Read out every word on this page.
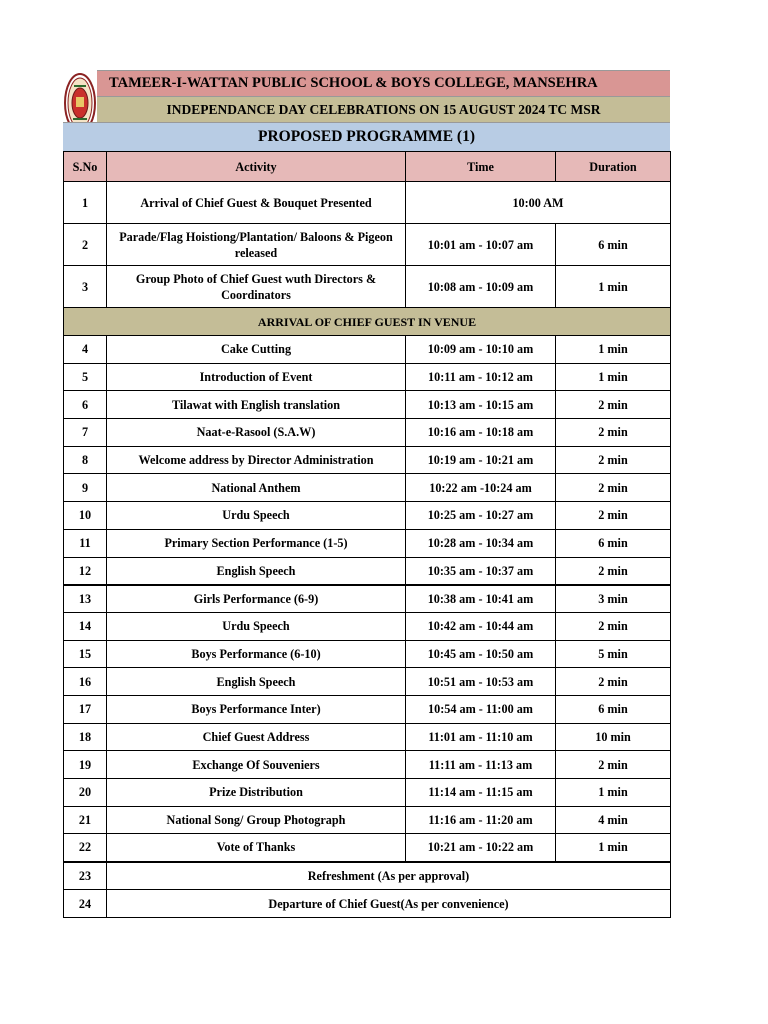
TAMEER-I-WATTAN PUBLIC SCHOOL & BOYS COLLEGE, MANSEHRA
INDEPENDANCE DAY CELEBRATIONS ON 15 AUGUST 2024 TC MSR
PROPOSED PROGRAMME (1)
S.No	Activity	Time	Duration
1	Arrival of Chief Guest & Bouquet Presented	10:00 AM	
2	Parade/Flag Hoistiong/Plantation/ Baloons & Pigeon released	10:01 am - 10:07 am	6 min
3	Group Photo of Chief Guest wuth Directors & Coordinators	10:08 am - 10:09 am	1 min
ARRIVAL OF CHIEF GUEST IN VENUE			
4	Cake Cutting	10:09 am - 10:10 am	1 min
5	Introduction of Event	10:11 am - 10:12 am	1 min
6	Tilawat with English translation	10:13 am - 10:15 am	2 min
7	Naat-e-Rasool (S.A.W)	10:16 am - 10:18 am	2 min
8	Welcome address by Director Administration	10:19 am - 10:21 am	2 min
9	National Anthem	10:22 am -10:24 am	2 min
10	Urdu Speech	10:25 am - 10:27 am	2 min
11	Primary Section Performance (1-5)	10:28 am - 10:34 am	6 min
12	English Speech	10:35 am - 10:37 am	2 min
13	Girls Performance (6-9)	10:38 am - 10:41 am	3 min
14	Urdu Speech	10:42 am - 10:44 am	2 min
15	Boys Performance (6-10)	10:45 am - 10:50 am	5 min
16	English Speech	10:51 am - 10:53 am	2 min
17	Boys Performance Inter)	10:54 am - 11:00 am	6 min
18	Chief Guest Address	11:01 am - 11:10 am	10 min
19	Exchange Of Souveniers	11:11 am - 11:13 am	2 min
20	Prize Distribution	11:14 am - 11:15 am	1 min
21	National Song/ Group Photograph	11:16 am - 11:20 am	4 min
22	Vote of Thanks	10:21 am - 10:22 am	1 min
23	Refreshment (As per approval)		
24	Departure of Chief Guest(As per convenience)		
